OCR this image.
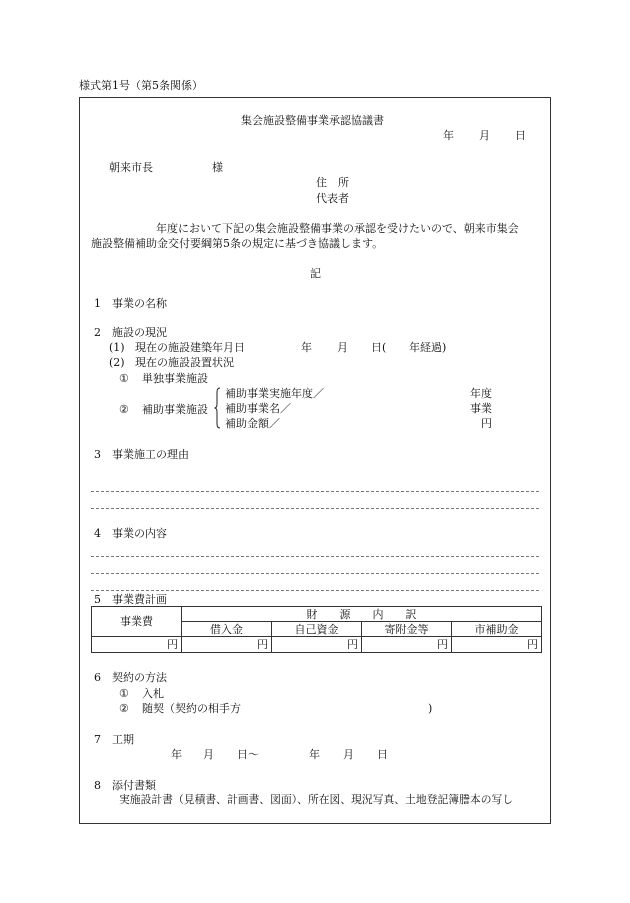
様式第1号（第5条関係）
集会施設整備事業承認協議書
年 月 日
朝来市長	様
住　所
代表者
年度において下記の集会施設整備事業の承認を受けたいので、朝来市集会
施設整備補助金交付要綱第5条の規定に基づき協議します。
記
1 事業の名称
2 施設の現況
(1) 現在の施設建築年月日	年 月 日( 年経過)
(2) 現在の施設設置状況
① 単独事業施設
② 補助事業施設
補助事業実施年度／	年度
補助事業名／	事業
補助金額／	円
3 事業施工の理由
4 事業の内容
5 事業費計画
事業費	財　　源　　内　　訳			
	借入金	自己資金	寄附金等	市補助金
円	円	円	円	円
6 契約の方法
① 入札
② 随契（契約の相手方	)
7 工期
年 月 日～	年 月 日
8 添付書類
実施設計書（見積書、計画書、図面）、所在図、現況写真、土地登記簿謄本の写し
